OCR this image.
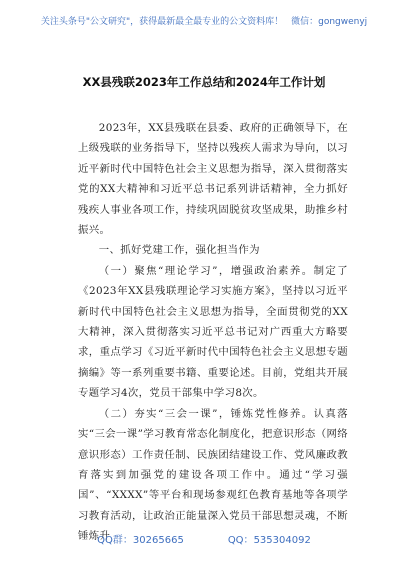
关注头条号"公文研究"，获得最新最全最专业的公文资料库！ 微信：gongwenyj
XX县残联2023年工作总结和2024年工作计划

2023年，XX县残联在县委、政府的正确领导下，在上级残联的业务指导下，坚持以残疾人需求为导向，以习近平新时代中国特色社会主义思想为指导，深入贯彻落实党的XX大精神和习近平总书记系列讲话精神，全力抓好残疾人事业各项工作，持续巩固脱贫攻坚成果，助推乡村振兴。

一、抓好党建工作，强化担当作为

（一）聚焦“理论学习”，增强政治素养。制定了《2023年XX县残联理论学习实施方案》，坚持以习近平新时代中国特色社会主义思想为指导，全面贯彻党的XX大精神，深入贯彻落实习近平总书记对广西重大方略要求，重点学习《习近平新时代中国特色社会主义思想专题摘编》等一系列重要书籍、重要论述。目前，党组共开展专题学习4次，党员干部集中学习8次。

（二）夯实“三会一课”，锤炼党性修养。认真落实“三会一课”学习教育常态化制度化，把意识形态（网络意识形态）工作责任制、民族团结建设工作、党风廉政教育落实到加强党的建设各项工作中。通过“学习强国”、“XXXX”等平台和现场参观红色教育基地等各项学习教育活动，让政治正能量深入党员干部思想灵魂，不断锤炼升

QQ群：30265665	QQ：535304092
